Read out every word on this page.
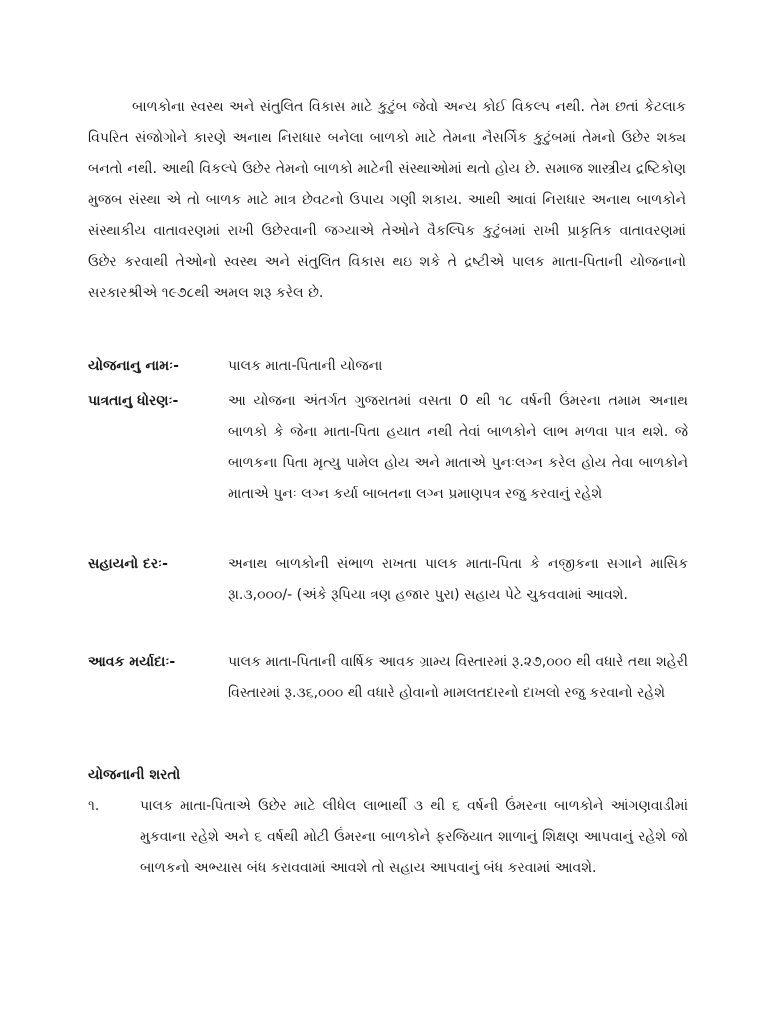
બાળકોના સ્વસ્થ અને સંતુલિત વિકાસ માટે કુટુંબ જેવો અન્ય કોઈ વિકલ્પ નથી. તેમ છતાં કેટલાક વિપરિત સંજોગોને કારણે અનાથ નિરાધાર બનેલા બાળકો માટે તેમના નૈસર્ગિક કુટુંબમાં તેમનો ઉછેર શક્ય બનતો નથી. આથી વિકલ્પે ઉછેર તેમનો બાળકો માટેની સંસ્થાઓમાં થતો હોય છે. સમાજ શાસ્ત્રીય દ્રષ્ટિકોણ મુજબ સંસ્થા એ તો બાળક માટે માત્ર છેવટનો ઉપાય ગણી શકાય. આથી આવાં નિરાધાર અનાથ બાળકોને સંસ્થાકીય વાતાવરણમાં રાખી ઉછેરવાની જગ્યાએ તેઓને વૈકલ્પિક કુટુંબમાં રાખી પ્રાકૃતિક વાતાવરણમાં ઉછેર કરવાથી તેઓનો સ્વસ્થ અને સંતુલિત વિકાસ થઇ શકે તે દ્રષ્ટીએ પાલક માતા-પિતાની યોજનાનો સરકારશ્રીએ ૧૯૭૮થી અમલ શરૂ કરેલ છે.

યોજનાનુ નામઃ-	પાલક માતા-પિતાની યોજના
પાત્રતાનુ ધોરણઃ-	આ યોજના અંતર્ગત ગુજરાતમાં વસતા 0 થી ૧૮ વર્ષની ઉંમરના તમામ અનાથ બાળકો કે જેના માતા-પિતા હયાત નથી તેવાં બાળકોને લાભ મળવા પાત્ર થશે. જે બાળકના પિતા મૃત્યુ પામેલ હોય અને માતાએ પુનઃલગ્ન કરેલ હોય તેવા બાળકોને માતાએ પુનઃ લગ્ન કર્યા બાબતના લગ્ન પ્રમાણપત્ર રજુ કરવાનું રહેશે
સહાયનો દરઃ-	અનાથ બાળકોની સંભાળ રાખતા પાલક માતા-પિતા કે નજીકના સગાને માસિક રૂા.૩,૦૦૦/- (અંકે રૂપિયા ત્રણ હજાર પુરા) સહાય પેટે ચુકવવામાં આવશે.
આવક મર્યાદાઃ-	પાલક માતા-પિતાની વાર્ષિક આવક ગ્રામ્ય વિસ્તારમાં રૂ.૨૭,૦૦૦ થી વધારે તથા શહેરી વિસ્તારમાં રૂ.૩૬,૦૦૦ થી વધારે હોવાનો મામલતદારનો દાખલો રજુ કરવાનો રહેશે
યોજનાની શરતો
૧.	પાલક માતા-પિતાએ ઉછેર માટે લીધેલ લાભાર્થી ૩ થી ૬ વર્ષની ઉંમરના બાળકોને આંગણવાડીમાં મુકવાના રહેશે અને ૬ વર્ષથી મોટી ઉંમરના બાળકોને ફરજિયાત શાળાનું શિક્ષણ આપવાનું રહેશે જો બાળકનો અભ્યાસ બંધ કરાવવામાં આવશે તો સહાય આપવાનું બંધ કરવામાં આવશે.
